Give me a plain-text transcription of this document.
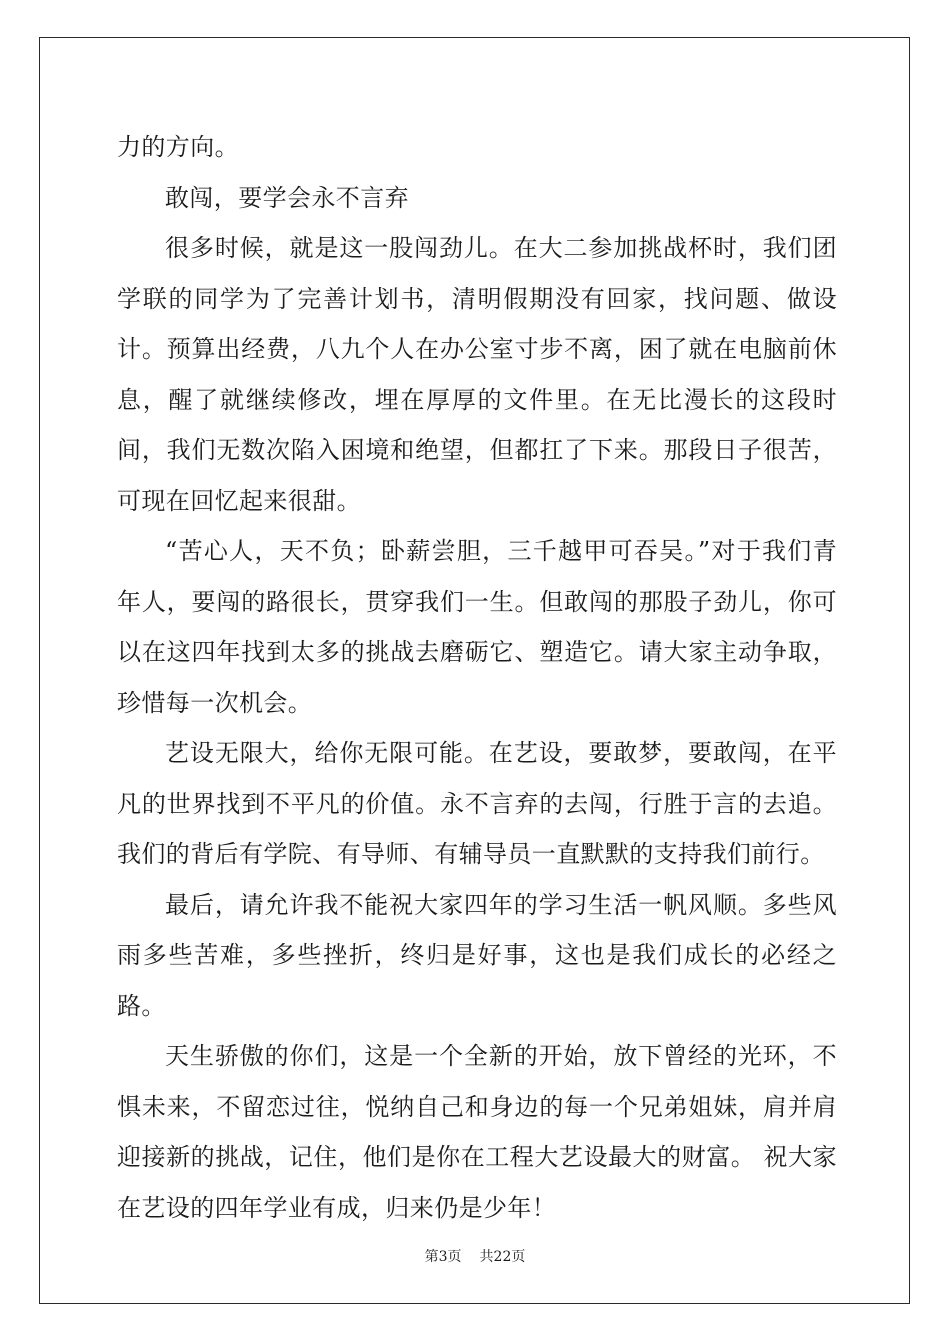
力的方向。

敢闯，要学会永不言弃

很多时候，就是这一股闯劲儿。在大二参加挑战杯时，我们团学联的同学为了完善计划书，清明假期没有回家，找问题、做设计。预算出经费，八九个人在办公室寸步不离，困了就在电脑前休息，醒了就继续修改，埋在厚厚的文件里。在无比漫长的这段时间，我们无数次陷入困境和绝望，但都扛了下来。那段日子很苦，可现在回忆起来很甜。

“苦心人，天不负；卧薪尝胆，三千越甲可吞吴。”对于我们青年人，要闯的路很长，贯穿我们一生。但敢闯的那股子劲儿，你可以在这四年找到太多的挑战去磨砺它、塑造它。请大家主动争取，珍惜每一次机会。

艺设无限大，给你无限可能。在艺设，要敢梦，要敢闯，在平凡的世界找到不平凡的价值。永不言弃的去闯，行胜于言的去追。我们的背后有学院、有导师、有辅导员一直默默的支持我们前行。

最后，请允许我不能祝大家四年的学习生活一帆风顺。多些风雨多些苦难，多些挫折，终归是好事，这也是我们成长的必经之路。

天生骄傲的你们，这是一个全新的开始，放下曾经的光环，不惧未来，不留恋过往，悦纳自己和身边的每一个兄弟姐妹，肩并肩迎接新的挑战，记住，他们是你在工程大艺设最大的财富。 祝大家在艺设的四年学业有成，归来仍是少年！

第3页 共22页
